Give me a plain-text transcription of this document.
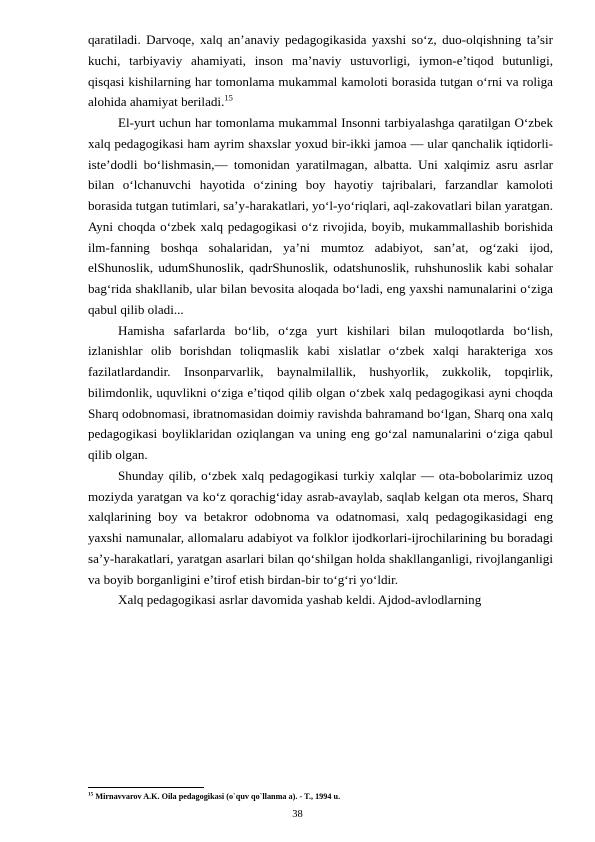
qaratiladi. Darvoqe, xalq an’anaviy pedagogikasida yaxshi so‘z, duo-olqishning ta’sir kuchi, tarbiyaviy ahamiyati, inson ma’naviy ustuvorligi, iymon-e’tiqod butunligi, qisqasi kishilarning har tomonlama mukammal kamoloti borasida tutgan o‘rni va roliga alohida ahamiyat beriladi.$^{15}$

El-yurt uchun har tomonlama mukammal Insonni tarbiyalashga qaratilgan O‘zbek xalq pedagogikasi ham ayrim shaxslar yoxud bir-ikki jamoa — ular qanchalik iqtidorli-iste’dodli bo‘lishmasin,— tomonidan yaratilmagan, albatta. Uni xalqimiz asru asrlar bilan o‘lchanuvchi hayotida o‘zining boy hayotiy tajribalari, farzandlar kamoloti borasida tutgan tutimlari, sa’y-harakatlari, yo‘l-yo‘riqlari, aql-zakovatlari bilan yaratgan. Ayni choqda o‘zbek xalq pedagogikasi o‘z rivojida, boyib, mukammallashib borishida ilm-fanning boshqa sohalaridan, ya’ni mumtoz adabiyot, san’at, og‘zaki ijod, elShunoslik, udumShunoslik, qadrShunoslik, odatshunoslik, ruhshunoslik kabi sohalar bag‘rida shakllanib, ular bilan bevosita aloqada bo‘ladi, eng yaxshi namunalarini o‘ziga qabul qilib oladi...

Hamisha safarlarda bo‘lib, o‘zga yurt kishilari bilan muloqotlarda bo‘lish, izlanishlar olib borishdan toliqmaslik kabi xislatlar o‘zbek xalqi harakteriga xos fazilatlardandir. Insonparvarlik, baynalmilallik, hushyorlik, zukkolik, topqirlik, bilimdonlik, uquvlikni o‘ziga e’tiqod qilib olgan o‘zbek xalq pedagogikasi ayni choqda Sharq odobnomasi, ibratnomasidan doimiy ravishda bahramand bo‘lgan, Sharq ona xalq pedagogikasi boyliklaridan oziqlangan va uning eng go‘zal namunalarini o‘ziga qabul qilib olgan.

Shunday qilib, o‘zbek xalq pedagogikasi turkiy xalqlar — ota-bobolarimiz uzoq moziyda yaratgan va ko‘z qorachig‘iday asrab-avaylab, saqlab kelgan ota meros, Sharq xalqlarining boy va betakror odobnoma va odatnomasi, xalq pedagogikasidagi eng yaxshi namunalar, allomalaru adabiyot va folklor ijodkorlari-ijrochilarining bu boradagi sa’y-harakatlari, yaratgan asarlari bilan qo‘shilgan holda shakllanganligi, rivojlanganligi va boyib borganligini e’tirof etish birdan-bir to‘g‘ri yo‘ldir.

Xalq pedagogikasi asrlar davomida yashab keldi. Ajdod-avlodlarning

$^{15}$ Mirnavvarov A.K. Oila pedagogikasi (o`quv qo`llanma a). - T., 1994 u.
38
